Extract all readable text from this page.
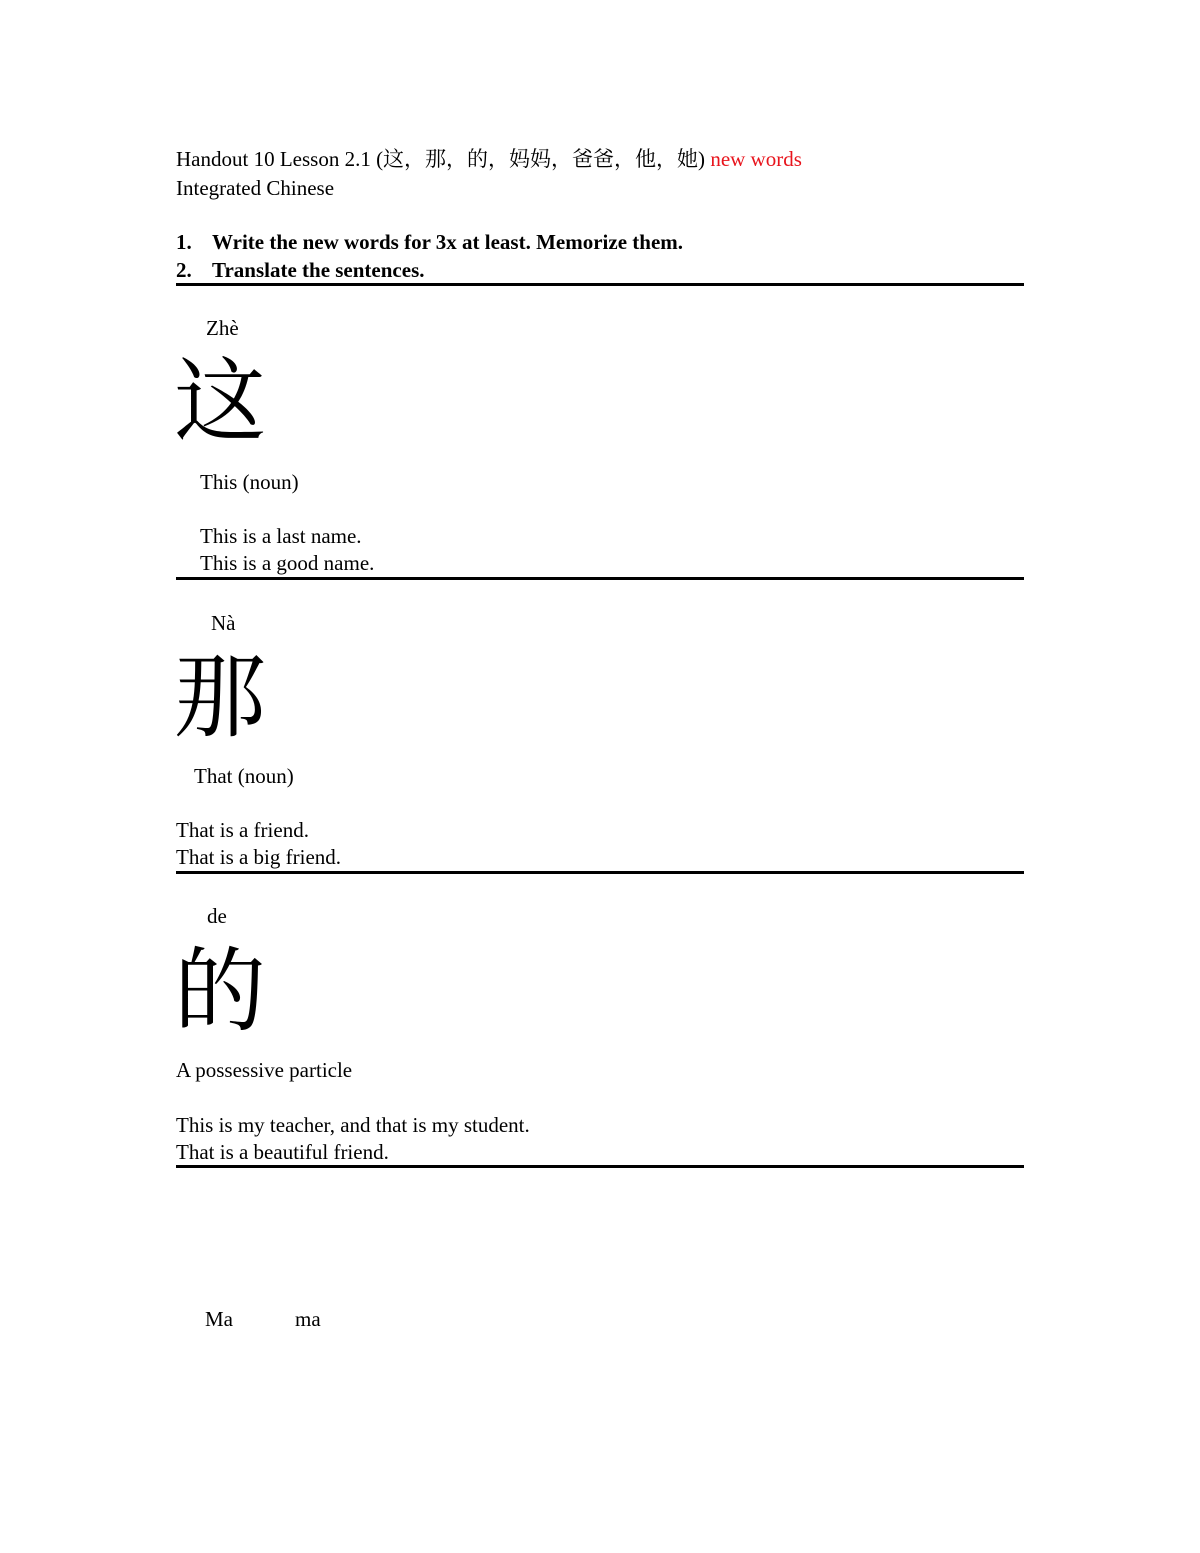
Handout 10 Lesson 2.1 (这，那，的，妈妈，爸爸，他，她) new words
Integrated Chinese
1. Write the new words for 3x at least. Memorize them.
2. Translate the sentences.
Zhè
这
This (noun)
This is a last name.
This is a good name.
Nà
那
That (noun)
That is a friend.
That is a big friend.
de
的
A possessive particle
This is my teacher, and that is my student.
That is a beautiful friend.
Ma	ma
